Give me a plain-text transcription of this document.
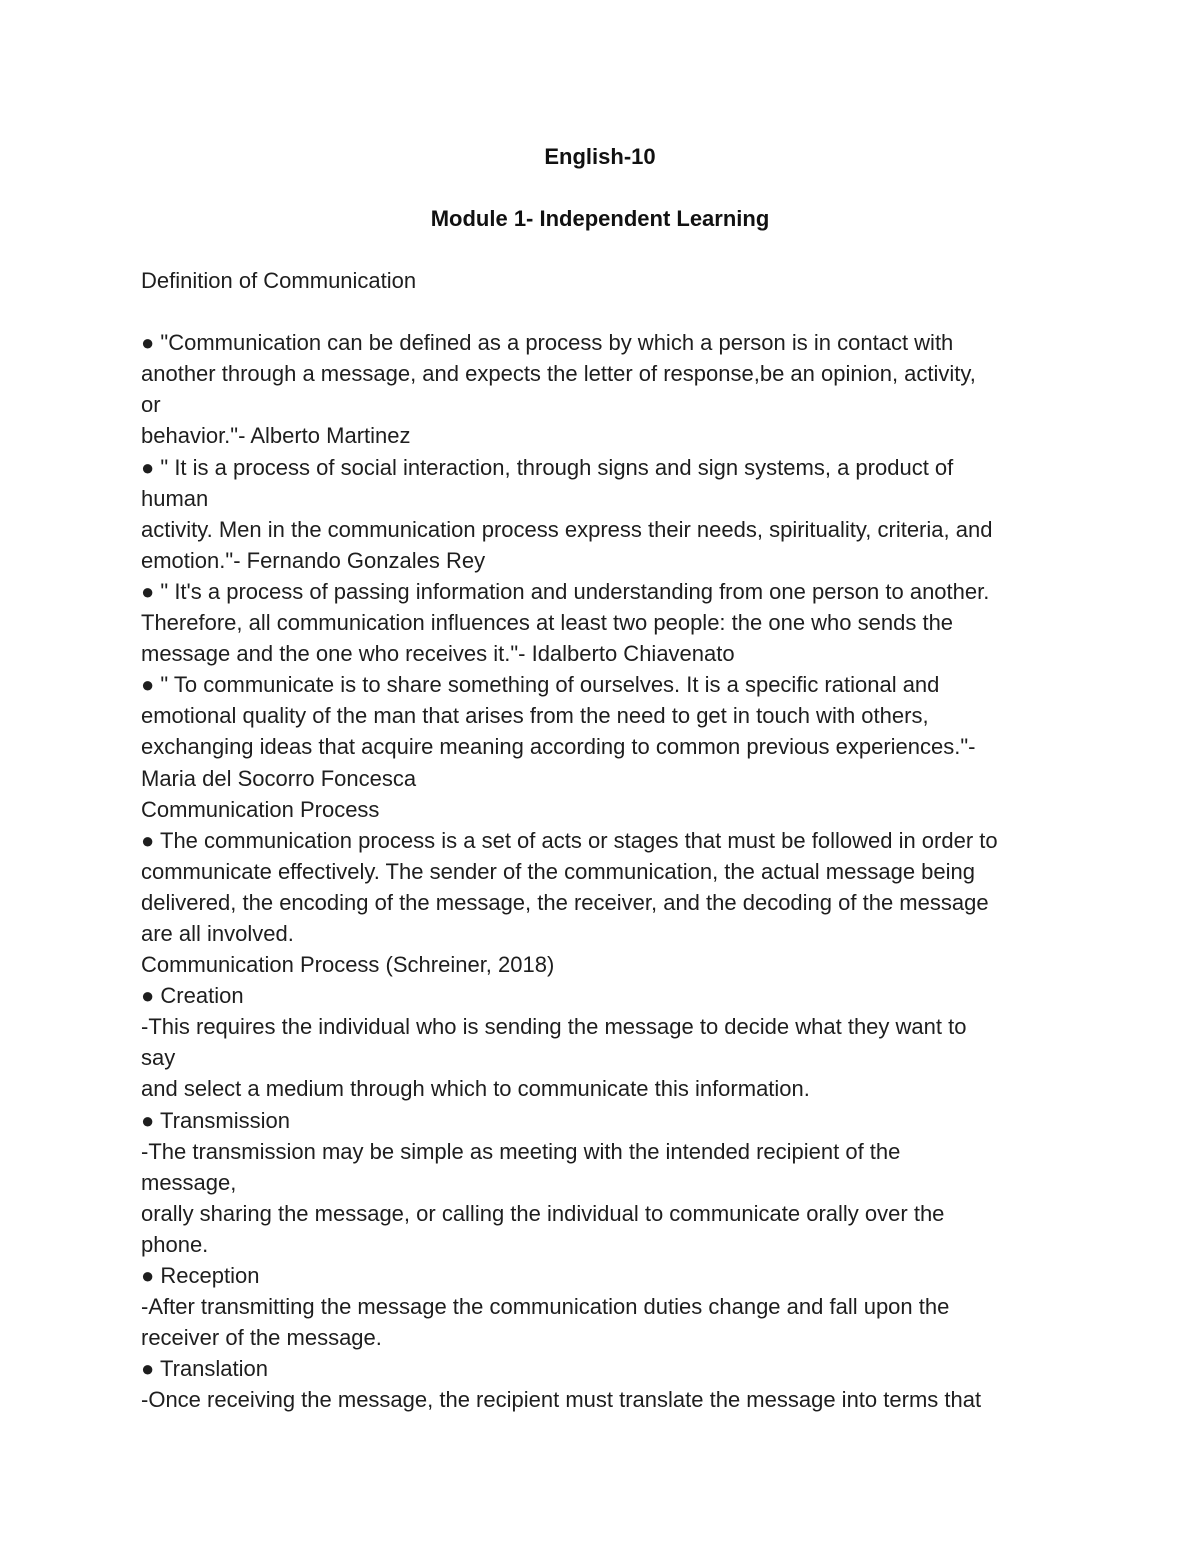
English-10
Module 1- Independent Learning
Definition of Communication
● "Communication can be defined as a process by which a person is in contact with
another through a message, and expects the letter of response,be an opinion, activity,
or
behavior."- Alberto Martinez
● " It is a process of social interaction, through signs and sign systems, a product of
human
activity. Men in the communication process express their needs, spirituality, criteria, and
emotion."- Fernando Gonzales Rey
● " It's a process of passing information and understanding from one person to another.
Therefore, all communication influences at least two people: the one who sends the
message and the one who receives it."- Idalberto Chiavenato
● " To communicate is to share something of ourselves. It is a specific rational and
emotional quality of the man that arises from the need to get in touch with others,
exchanging ideas that acquire meaning according to common previous experiences."-
Maria del Socorro Foncesca
Communication Process
● The communication process is a set of acts or stages that must be followed in order to
communicate effectively. The sender of the communication, the actual message being
delivered, the encoding of the message, the receiver, and the decoding of the message
are all involved.
Communication Process (Schreiner, 2018)
● Creation
-This requires the individual who is sending the message to decide what they want to
say
and select a medium through which to communicate this information.
● Transmission
-The transmission may be simple as meeting with the intended recipient of the
message,
orally sharing the message, or calling the individual to communicate orally over the
phone.
● Reception
-After transmitting the message the communication duties change and fall upon the
receiver of the message.
● Translation
-Once receiving the message, the recipient must translate the message into terms that
